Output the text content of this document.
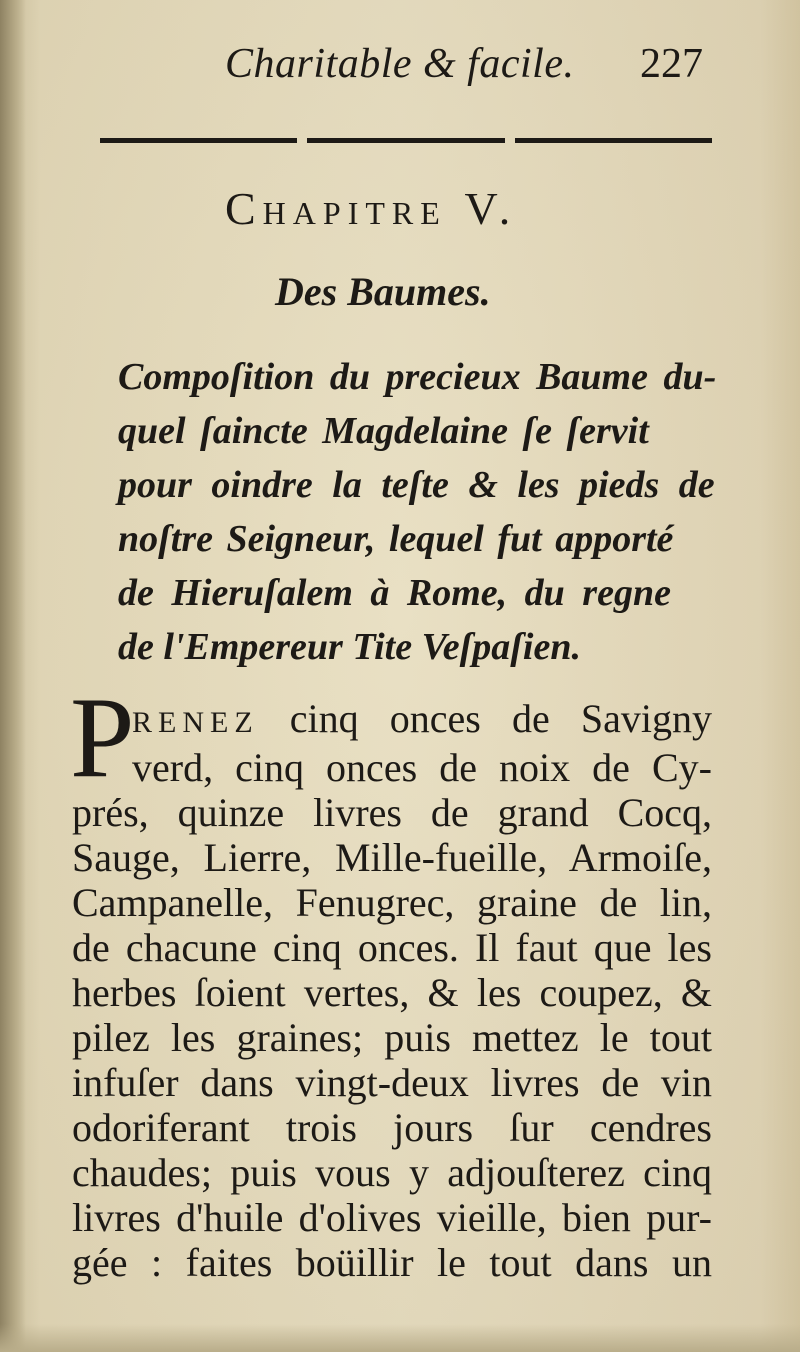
Charitable & facile. 227
Chapitre V.
Des Baumes.
Compoſition du precieux Baume du-
quel ſaincte Magdelaine ſe ſervit
pour oindre la teſte & les pieds de
noſtre Seigneur, lequel fut apporté
de Hieruſalem à Rome, du regne
de l'Empereur Tite Veſpaſien.
P
RENEZ cinq onces de Savigny
verd, cinq onces de noix de Cy-
prés, quinze livres de grand Cocq,
Sauge, Lierre, Mille-fueille, Armoiſe,
Campanelle, Fenugrec, graine de lin,
de chacune cinq onces. Il faut que les
herbes ſoient vertes, & les coupez, &
pilez les graines; puis mettez le tout
infuſer dans vingt-deux livres de vin
odoriferant trois jours ſur cendres
chaudes; puis vous y adjouſterez cinq
livres d'huile d'olives vieille, bien pur-
gée : faites boüillir le tout dans un
